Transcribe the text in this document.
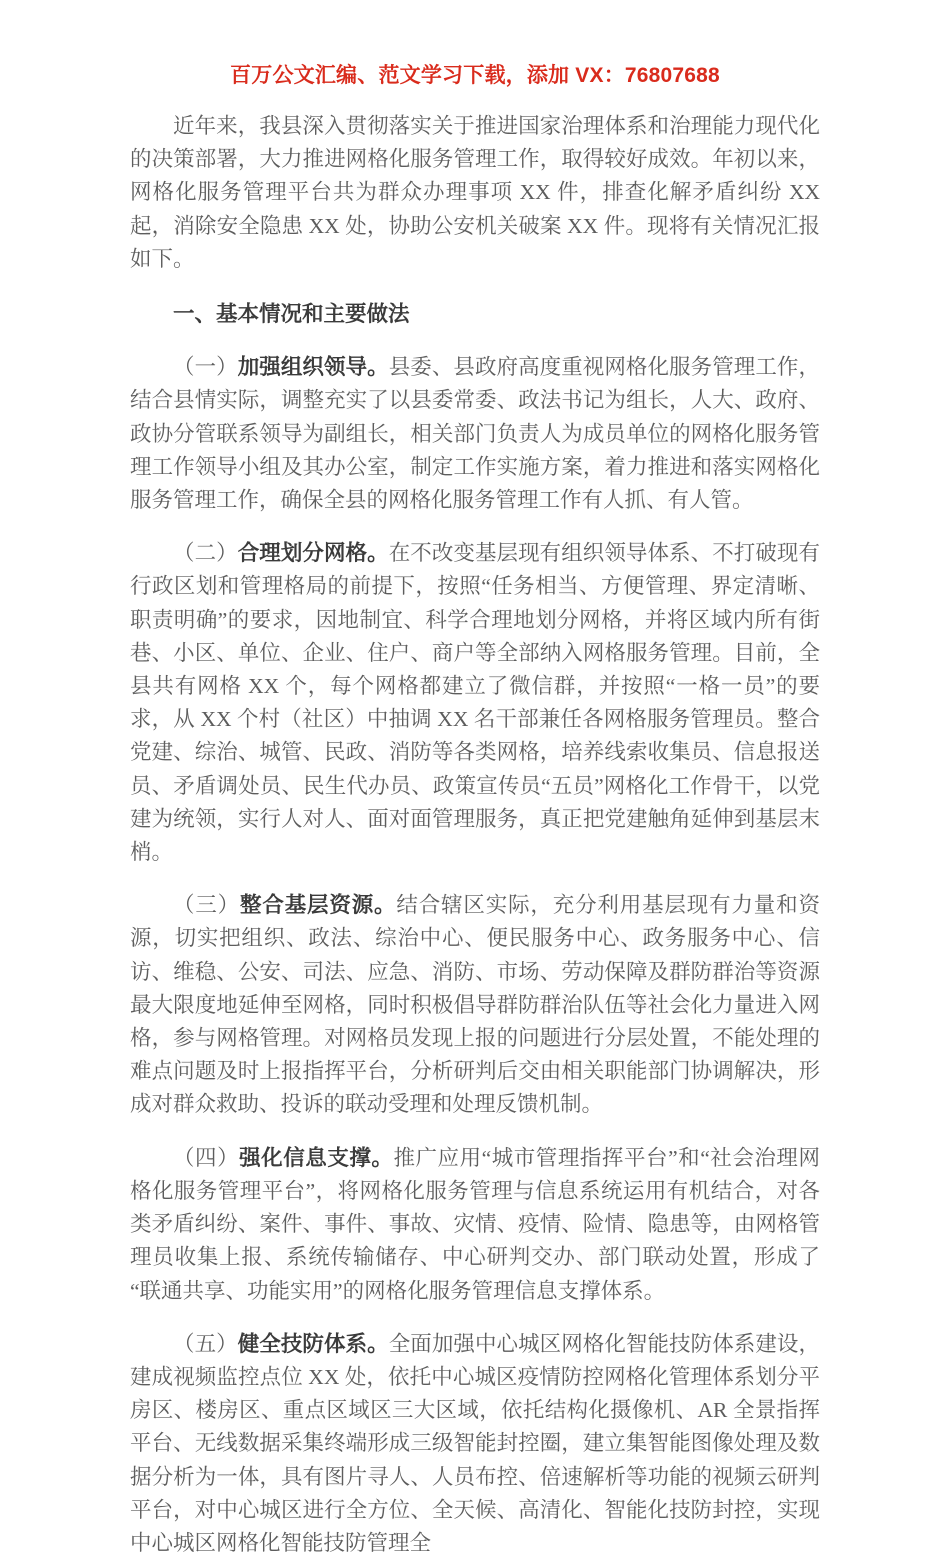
百万公文汇编、范文学习下载，添加 VX：76807688

近年来，我县深入贯彻落实关于推进国家治理体系和治理能力现代化的决策部署，大力推进网格化服务管理工作，取得较好成效。年初以来，网格化服务管理平台共为群众办理事项 XX 件，排查化解矛盾纠纷 XX 起，消除安全隐患 XX 处，协助公安机关破案 XX 件。现将有关情况汇报如下。

一、基本情况和主要做法

（一）加强组织领导。县委、县政府高度重视网格化服务管理工作，结合县情实际，调整充实了以县委常委、政法书记为组长，人大、政府、政协分管联系领导为副组长，相关部门负责人为成员单位的网格化服务管理工作领导小组及其办公室，制定工作实施方案，着力推进和落实网格化服务管理工作，确保全县的网格化服务管理工作有人抓、有人管。

（二）合理划分网格。在不改变基层现有组织领导体系、不打破现有行政区划和管理格局的前提下，按照“任务相当、方便管理、界定清晰、职责明确”的要求，因地制宜、科学合理地划分网格，并将区域内所有街巷、小区、单位、企业、住户、商户等全部纳入网格服务管理。目前，全县共有网格 XX 个，每个网格都建立了微信群，并按照“一格一员”的要求，从 XX 个村（社区）中抽调 XX 名干部兼任各网格服务管理员。整合党建、综治、城管、民政、消防等各类网格，培养线索收集员、信息报送员、矛盾调处员、民生代办员、政策宣传员“五员”网格化工作骨干，以党建为统领，实行人对人、面对面管理服务，真正把党建触角延伸到基层末梢。

（三）整合基层资源。结合辖区实际，充分利用基层现有力量和资源，切实把组织、政法、综治中心、便民服务中心、政务服务中心、信访、维稳、公安、司法、应急、消防、市场、劳动保障及群防群治等资源最大限度地延伸至网格，同时积极倡导群防群治队伍等社会化力量进入网格，参与网格管理。对网格员发现上报的问题进行分层处置，不能处理的难点问题及时上报指挥平台，分析研判后交由相关职能部门协调解决，形成对群众救助、投诉的联动受理和处理反馈机制。

（四）强化信息支撑。推广应用“城市管理指挥平台”和“社会治理网格化服务管理平台”，将网格化服务管理与信息系统运用有机结合，对各类矛盾纠纷、案件、事件、事故、灾情、疫情、险情、隐患等，由网格管理员收集上报、系统传输储存、中心研判交办、部门联动处置，形成了“联通共享、功能实用”的网格化服务管理信息支撑体系。

（五）健全技防体系。全面加强中心城区网格化智能技防体系建设，建成视频监控点位 XX 处，依托中心城区疫情防控网格化管理体系划分平房区、楼房区、重点区域区三大区域，依托结构化摄像机、AR 全景指挥平台、无线数据采集终端形成三级智能封控圈，建立集智能图像处理及数据分析为一体，具有图片寻人、人员布控、倍速解析等功能的视频云研判平台，对中心城区进行全方位、全天候、高清化、智能化技防封控，实现中心城区网格化智能技防管理全
